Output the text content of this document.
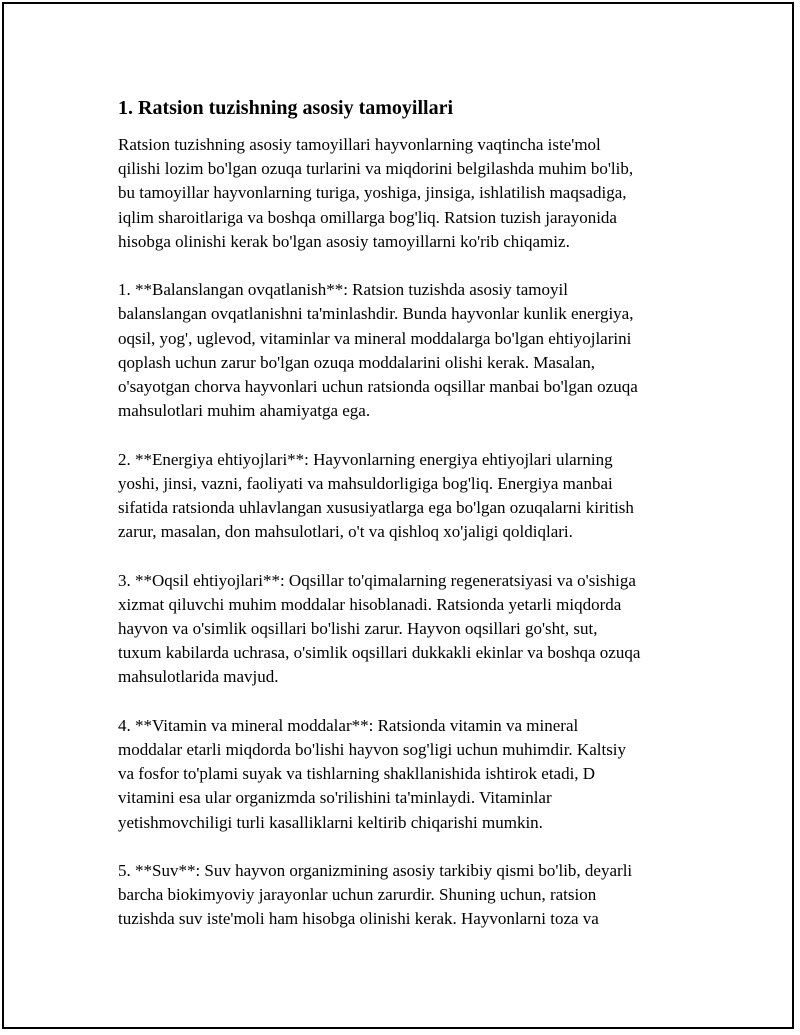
1. Ratsion tuzishning asosiy tamoyillari

Ratsion tuzishning asosiy tamoyillari hayvonlarning vaqtincha iste'mol
qilishi lozim bo'lgan ozuqa turlarini va miqdorini belgilashda muhim bo'lib,
bu tamoyillar hayvonlarning turiga, yoshiga, jinsiga, ishlatilish maqsadiga,
iqlim sharoitlariga va boshqa omillarga bog'liq. Ratsion tuzish jarayonida
hisobga olinishi kerak bo'lgan asosiy tamoyillarni ko'rib chiqamiz.

1. **Balanslangan ovqatlanish**: Ratsion tuzishda asosiy tamoyil
balanslangan ovqatlanishni ta'minlashdir. Bunda hayvonlar kunlik energiya,
oqsil, yog', uglevod, vitaminlar va mineral moddalarga bo'lgan ehtiyojlarini
qoplash uchun zarur bo'lgan ozuqa moddalarini olishi kerak. Masalan,
o'sayotgan chorva hayvonlari uchun ratsionda oqsillar manbai bo'lgan ozuqa
mahsulotlari muhim ahamiyatga ega.

2. **Energiya ehtiyojlari**: Hayvonlarning energiya ehtiyojlari ularning
yoshi, jinsi, vazni, faoliyati va mahsuldorligiga bog'liq. Energiya manbai
sifatida ratsionda uhlavlangan xususiyatlarga ega bo'lgan ozuqalarni kiritish
zarur, masalan, don mahsulotlari, o't va qishloq xo'jaligi qoldiqlari.

3. **Oqsil ehtiyojlari**: Oqsillar to'qimalarning regeneratsiyasi va o'sishiga
xizmat qiluvchi muhim moddalar hisoblanadi. Ratsionda yetarli miqdorda
hayvon va o'simlik oqsillari bo'lishi zarur. Hayvon oqsillari go'sht, sut,
tuxum kabilarda uchrasa, o'simlik oqsillari dukkakli ekinlar va boshqa ozuqa
mahsulotlarida mavjud.

4. **Vitamin va mineral moddalar**: Ratsionda vitamin va mineral
moddalar etarli miqdorda bo'lishi hayvon sog'ligi uchun muhimdir. Kaltsiy
va fosfor to'plami suyak va tishlarning shakllanishida ishtirok etadi, D
vitamini esa ular organizmda so'rilishini ta'minlaydi. Vitaminlar
yetishmovchiligi turli kasalliklarni keltirib chiqarishi mumkin.

5. **Suv**: Suv hayvon organizmining asosiy tarkibiy qismi bo'lib, deyarli
barcha biokimyoviy jarayonlar uchun zarurdir. Shuning uchun, ratsion
tuzishda suv iste'moli ham hisobga olinishi kerak. Hayvonlarni toza va
